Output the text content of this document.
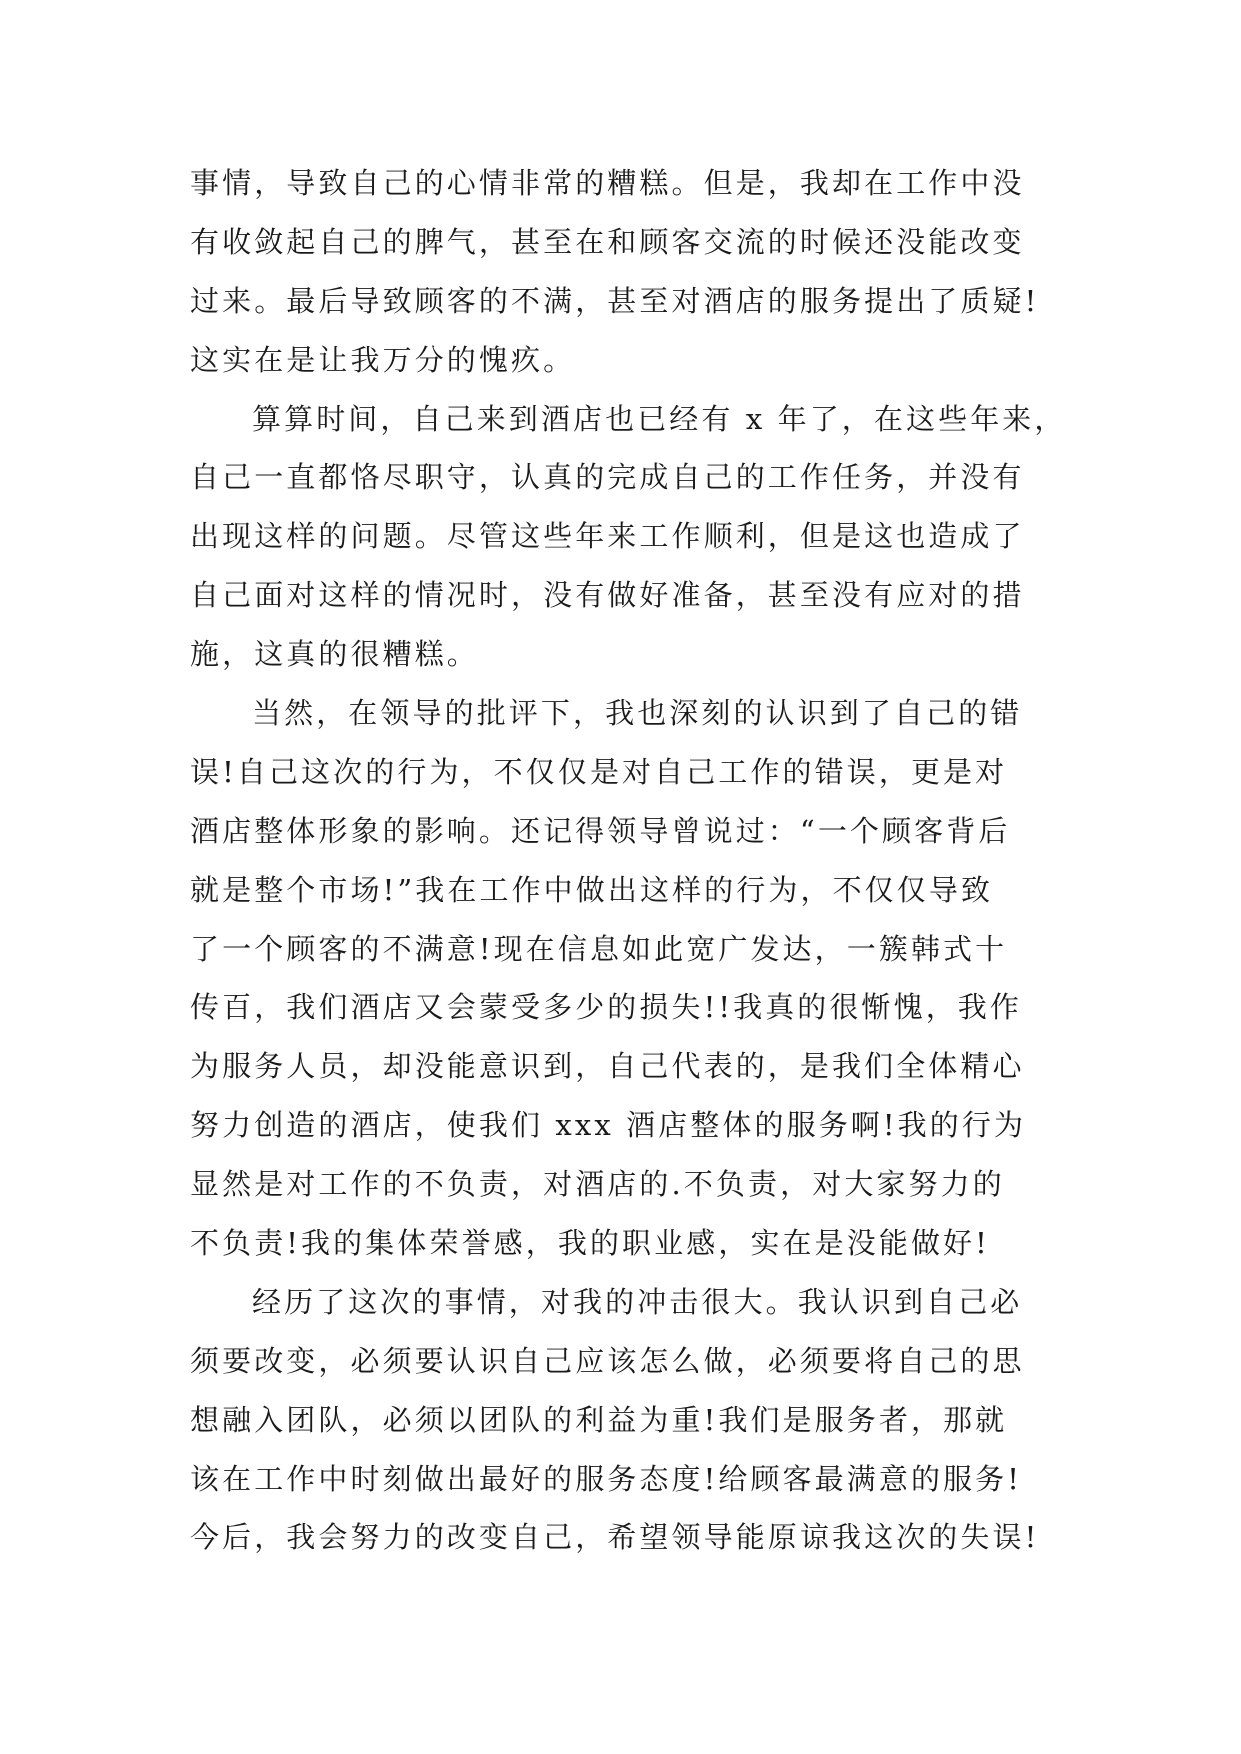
事情，导致自己的心情非常的糟糕。但是，我却在工作中没
有收敛起自己的脾气，甚至在和顾客交流的时候还没能改变
过来。最后导致顾客的不满，甚至对酒店的服务提出了质疑!
这实在是让我万分的愧疚。
算算时间，自己来到酒店也已经有 x 年了，在这些年来，
自己一直都恪尽职守，认真的完成自己的工作任务，并没有
出现这样的问题。尽管这些年来工作顺利，但是这也造成了
自己面对这样的情况时，没有做好准备，甚至没有应对的措
施，这真的很糟糕。
当然，在领导的批评下，我也深刻的认识到了自己的错
误!自己这次的行为，不仅仅是对自己工作的错误，更是对
酒店整体形象的影响。还记得领导曾说过：“一个顾客背后
就是整个市场!”我在工作中做出这样的行为，不仅仅导致
了一个顾客的不满意!现在信息如此宽广发达，一簇韩式十
传百，我们酒店又会蒙受多少的损失!!我真的很惭愧，我作
为服务人员，却没能意识到，自己代表的，是我们全体精心
努力创造的酒店，使我们 xxx 酒店整体的服务啊!我的行为
显然是对工作的不负责，对酒店的.不负责，对大家努力的
不负责!我的集体荣誉感，我的职业感，实在是没能做好!
经历了这次的事情，对我的冲击很大。我认识到自己必
须要改变，必须要认识自己应该怎么做，必须要将自己的思
想融入团队，必须以团队的利益为重!我们是服务者，那就
该在工作中时刻做出最好的服务态度!给顾客最满意的服务!
今后，我会努力的改变自己，希望领导能原谅我这次的失误!
